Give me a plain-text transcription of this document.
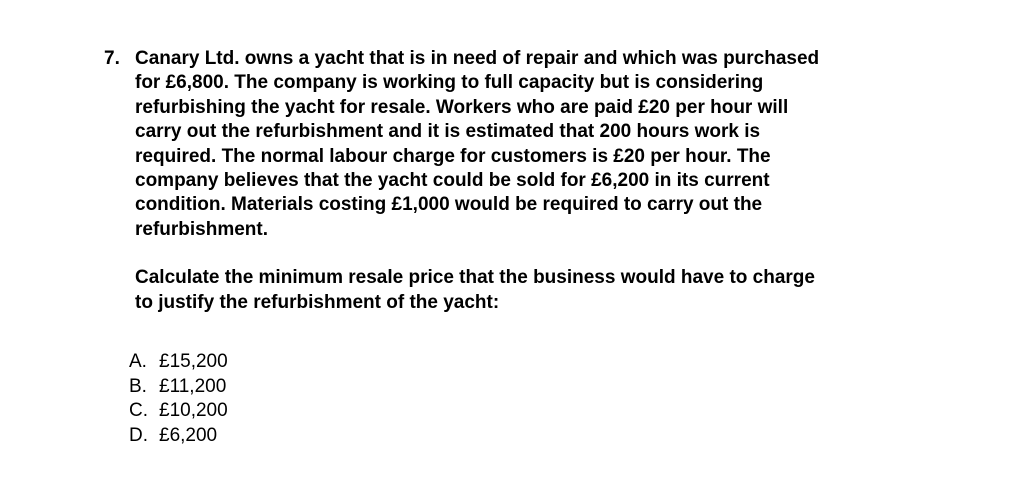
7. Canary Ltd. owns a yacht that is in need of repair and which was purchased
for £6,800. The company is working to full capacity but is considering
refurbishing the yacht for resale. Workers who are paid £20 per hour will
carry out the refurbishment and it is estimated that 200 hours work is
required. The normal labour charge for customers is £20 per hour. The
company believes that the yacht could be sold for £6,200 in its current
condition. Materials costing £1,000 would be required to carry out the
refurbishment.

Calculate the minimum resale price that the business would have to charge
to justify the refurbishment of the yacht:

A. £15,200
B. £11,200
C. £10,200
D. £6,200
